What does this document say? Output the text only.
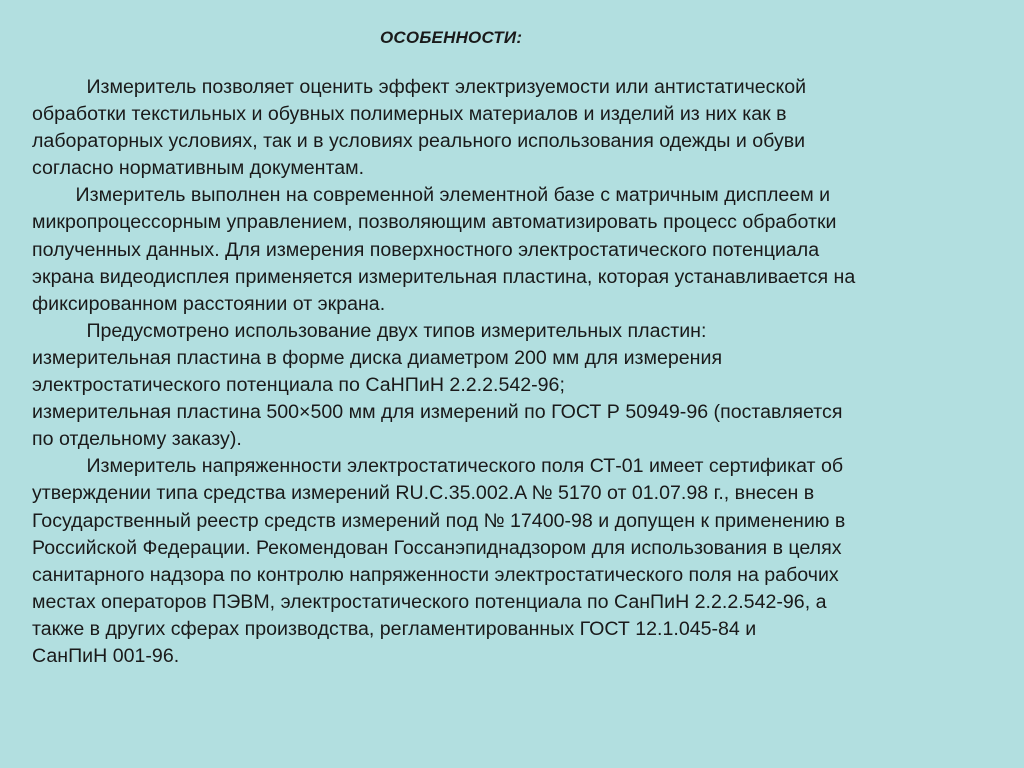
ОСОБЕННОСТИ:

Измеритель позволяет оценить эффект электризуемости или антистатической

обработки текстильных и обувных полимерных материалов и изделий из них как в

лабораторных условиях, так и в условиях реального использования одежды и обуви

согласно нормативным документам.

Измеритель выполнен на современной элементной базе с матричным дисплеем и

микропроцессорным управлением, позволяющим автоматизировать процесс обработки

полученных данных. Для измерения поверхностного электростатического потенциала

экрана видеодисплея применяется измерительная пластина, которая устанавливается на

фиксированном расстоянии от экрана.

Предусмотрено использование двух типов измерительных пластин:

измерительная пластина в форме диска диаметром 200 мм для измерения

электростатического потенциала по СаНПиН 2.2.2.542-96;

измерительная пластина 500×500 мм для измерений по ГОСТ Р 50949-96 (поставляется

по отдельному заказу).

Измеритель напряженности электростатического поля СТ-01 имеет сертификат об

утверждении типа средства измерений RU.C.35.002.A № 5170 от 01.07.98 г., внесен в

Государственный реестр средств измерений под № 17400-98 и допущен к применению в

Российской Федерации. Рекомендован Госсанэпиднадзором для использования в целях

санитарного надзора по контролю напряженности электростатического поля на рабочих

местах операторов ПЭВМ, электростатического потенциала по СанПиН 2.2.2.542-96, а

также в других сферах производства, регламентированных ГОСТ 12.1.045-84 и

СанПиН 001-96.
